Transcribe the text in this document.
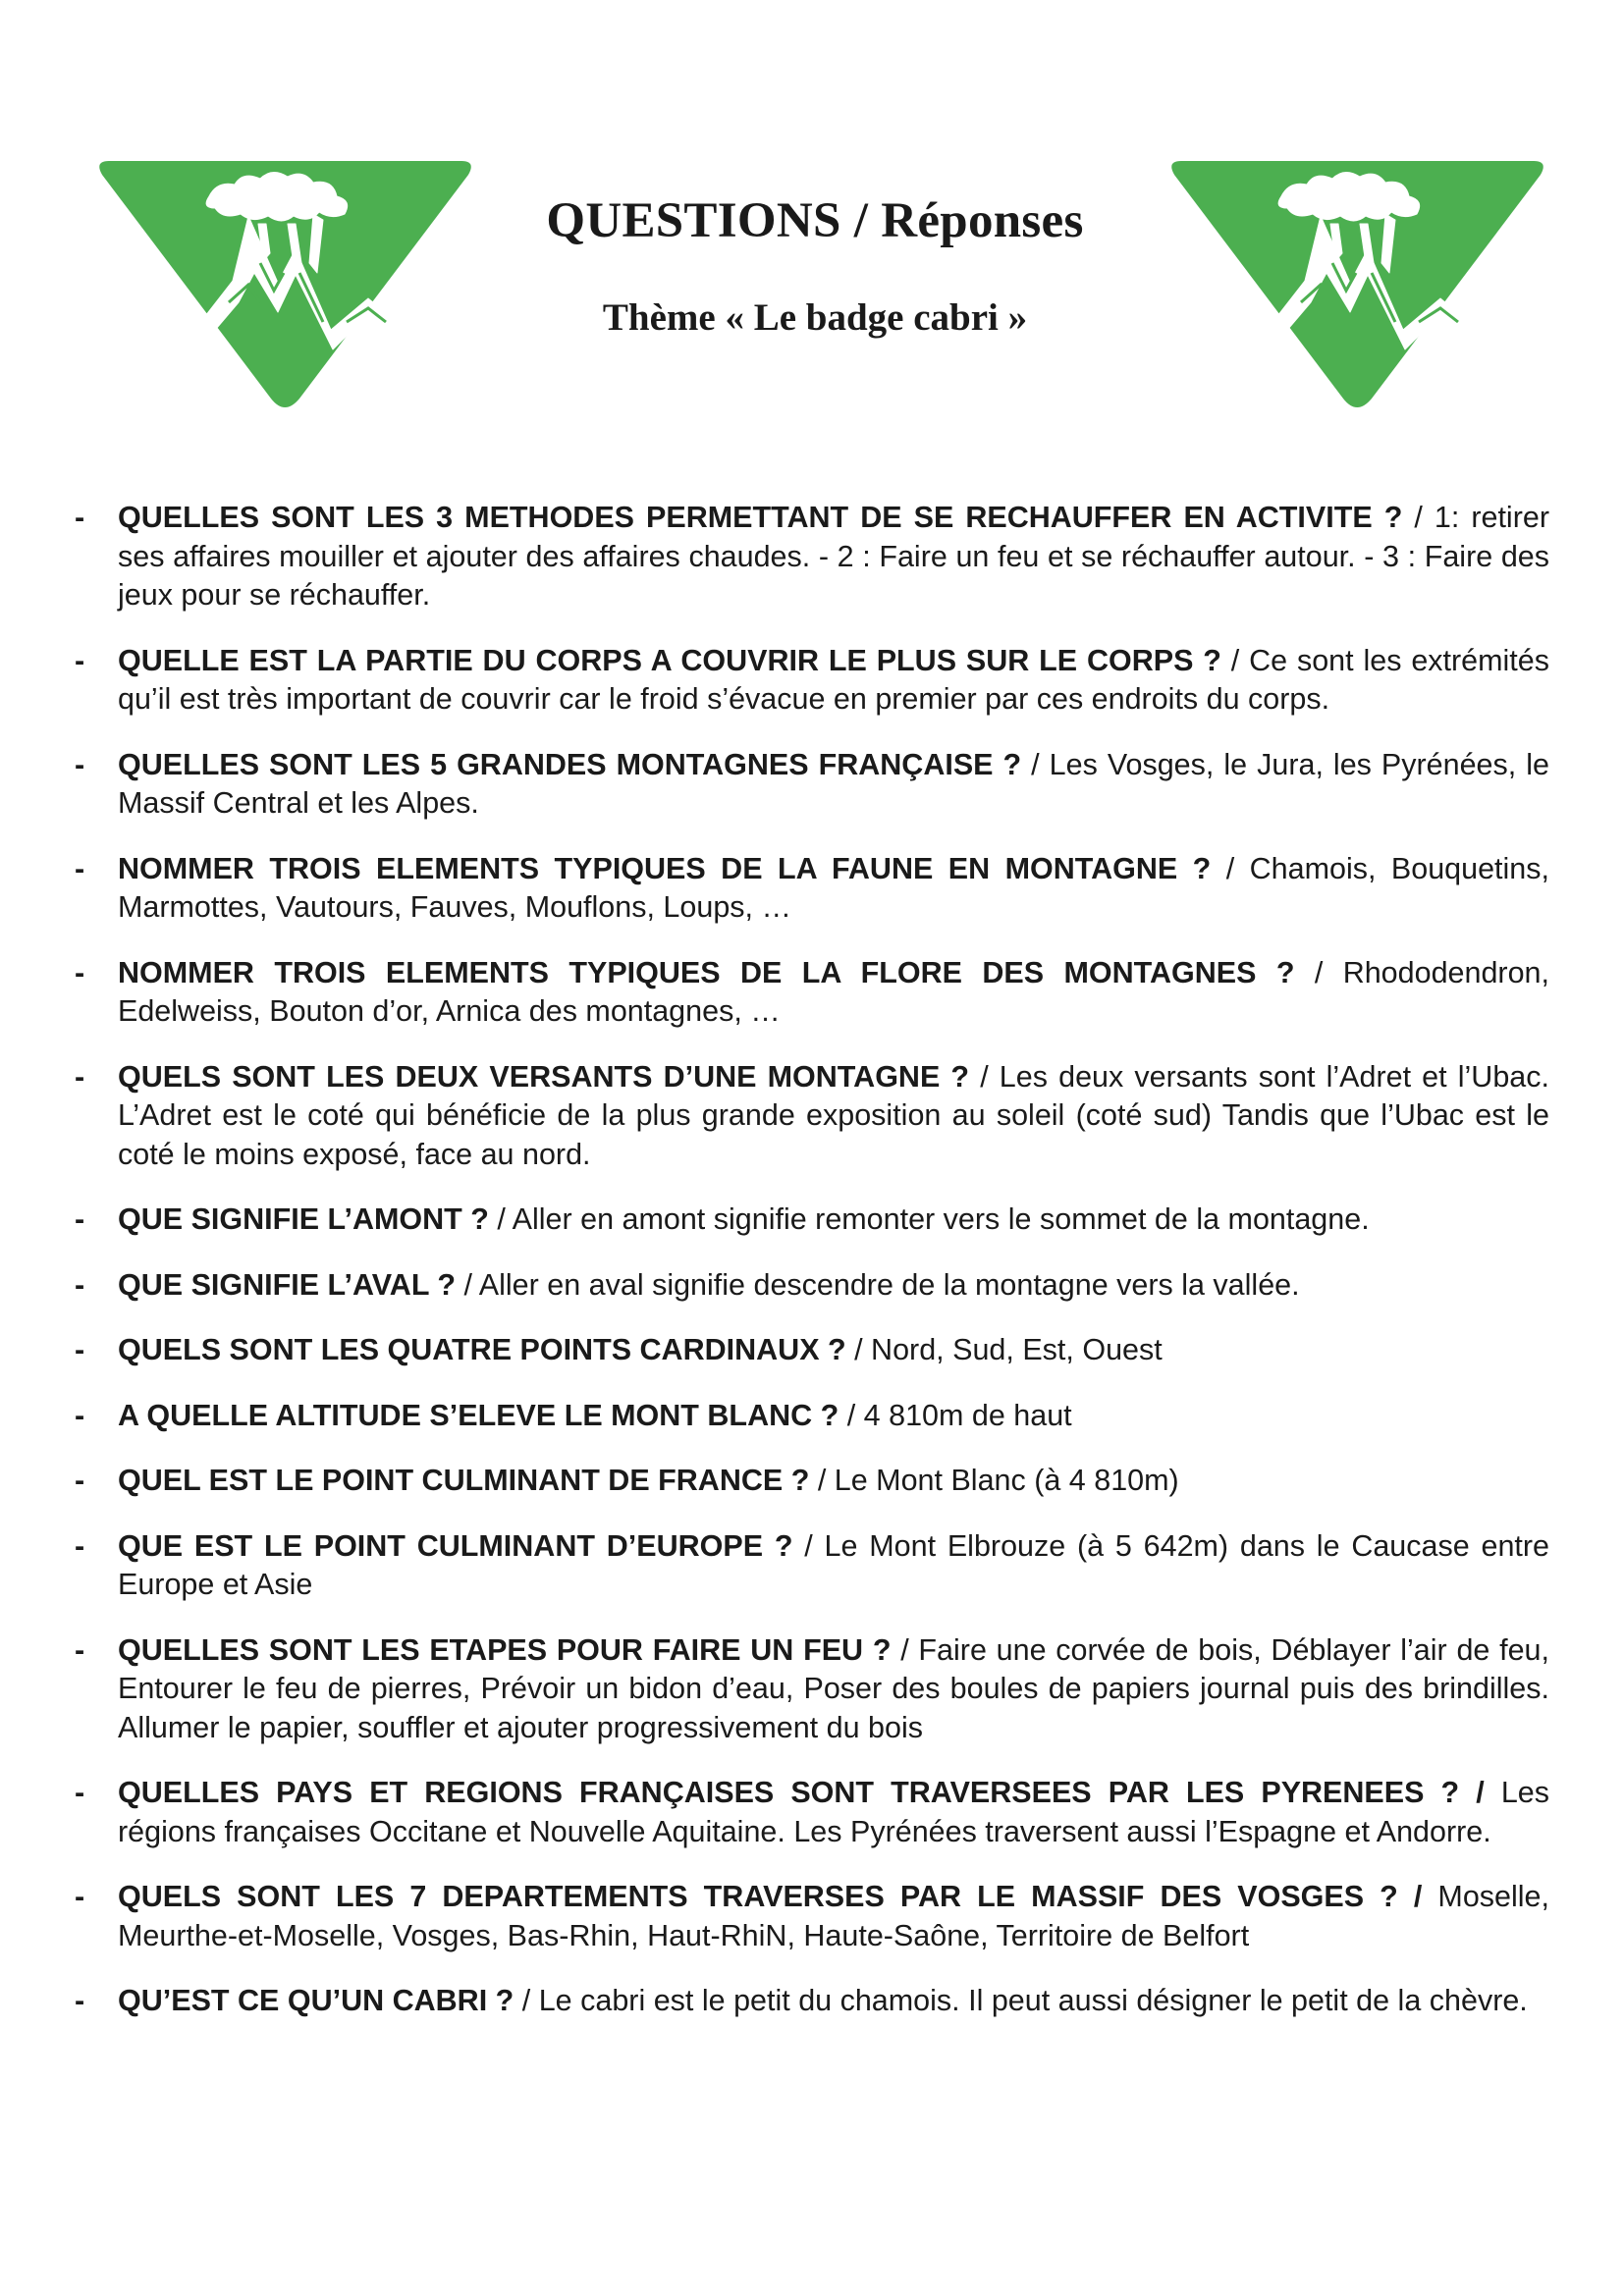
QUESTIONS / Réponses
Thème « Le badge cabri »
- QUELLES SONT LES 3 METHODES PERMETTANT DE SE RECHAUFFER EN ACTIVITE ? / 1: retirer ses affaires mouiller et ajouter des affaires chaudes. - 2 : Faire un feu et se réchauffer autour. - 3 : Faire des jeux pour se réchauffer.
- QUELLE EST LA PARTIE DU CORPS A COUVRIR LE PLUS SUR LE CORPS ? / Ce sont les extrémités qu’il est très important de couvrir car le froid s’évacue en premier par ces endroits du corps.
- QUELLES SONT LES 5 GRANDES MONTAGNES FRANÇAISE ? / Les Vosges, le Jura, les Pyrénées, le Massif Central et les Alpes.
- NOMMER TROIS ELEMENTS TYPIQUES DE LA FAUNE EN MONTAGNE ? / Chamois, Bouquetins, Marmottes, Vautours, Fauves, Mouflons, Loups, …
- NOMMER TROIS ELEMENTS TYPIQUES DE LA FLORE DES MONTAGNES ? / Rhododendron, Edelweiss, Bouton d’or, Arnica des montagnes, …
- QUELS SONT LES DEUX VERSANTS D’UNE MONTAGNE ? / Les deux versants sont l’Adret et l’Ubac. L’Adret est le coté qui bénéficie de la plus grande exposition au soleil (coté sud) Tandis que l’Ubac est le coté le moins exposé, face au nord.
- QUE SIGNIFIE L’AMONT ? / Aller en amont signifie remonter vers le sommet de la montagne.
- QUE SIGNIFIE L’AVAL ? / Aller en aval signifie descendre de la montagne vers la vallée.
- QUELS SONT LES QUATRE POINTS CARDINAUX ? / Nord, Sud, Est, Ouest
- A QUELLE ALTITUDE S’ELEVE LE MONT BLANC ? / 4 810m de haut
- QUEL EST LE POINT CULMINANT DE FRANCE ? / Le Mont Blanc (à 4 810m)
- QUE EST LE POINT CULMINANT D’EUROPE ? / Le Mont Elbrouze (à 5 642m) dans le Caucase entre Europe et Asie
- QUELLES SONT LES ETAPES POUR FAIRE UN FEU ? / Faire une corvée de bois, Déblayer l’air de feu, Entourer le feu de pierres, Prévoir un bidon d’eau, Poser des boules de papiers journal puis des brindilles. Allumer le papier, souffler et ajouter progressivement du bois
- QUELLES PAYS ET REGIONS FRANÇAISES SONT TRAVERSEES PAR LES PYRENEES ? / Les régions françaises Occitane et Nouvelle Aquitaine. Les Pyrénées traversent aussi l’Espagne et Andorre.
- QUELS SONT LES 7 DEPARTEMENTS TRAVERSES PAR LE MASSIF DES VOSGES ? / Moselle, Meurthe-et-Moselle, Vosges, Bas-Rhin, Haut-RhiN, Haute-Saône, Territoire de Belfort
- QU’EST CE QU’UN CABRI ? / Le cabri est le petit du chamois. Il peut aussi désigner le petit de la chèvre.
